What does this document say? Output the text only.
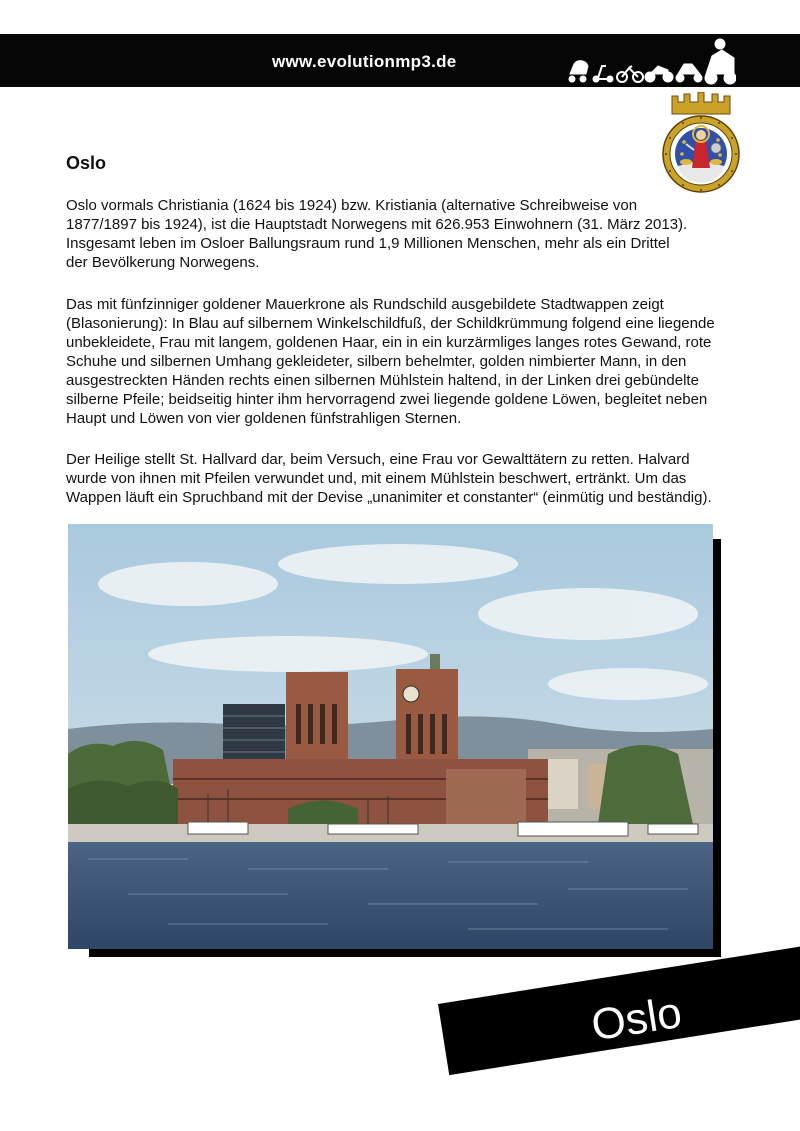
www.evolutionmp3.de
Oslo

Oslo vormals Christiania (1624 bis 1924) bzw. Kristiania (alternative Schreibweise von
1877/1897 bis 1924), ist die Hauptstadt Norwegens mit 626.953 Einwohnern (31. März 2013).
Insgesamt leben im Osloer Ballungsraum rund 1,9 Millionen Menschen, mehr als ein Drittel
der Bevölkerung Norwegens.

Das mit fünfzinniger goldener Mauerkrone als Rundschild ausgebildete Stadtwappen zeigt
(Blasonierung): In Blau auf silbernem Winkelschildfuß, der Schildkrümmung folgend eine liegende
unbekleidete, Frau mit langem, goldenen Haar, ein in ein kurzärmliges langes rotes Gewand, rote
Schuhe und silbernen Umhang gekleideter, silbern behelmter, golden nimbierter Mann, in den
ausgestreckten Händen rechts einen silbernen Mühlstein haltend, in der Linken drei gebündelte
silberne Pfeile; beidseitig hinter ihm hervorragend zwei liegende goldene Löwen, begleitet neben
Haupt und Löwen von vier goldenen fünfstrahligen Sternen.

Der Heilige stellt St. Hallvard dar, beim Versuch, eine Frau vor Gewalttätern zu retten. Halvard
wurde von ihnen mit Pfeilen verwundet und, mit einem Mühlstein beschwert, ertränkt. Um das
Wappen läuft ein Spruchband mit der Devise „unanimiter et constanter“ (einmütig und beständig).

Oslo
